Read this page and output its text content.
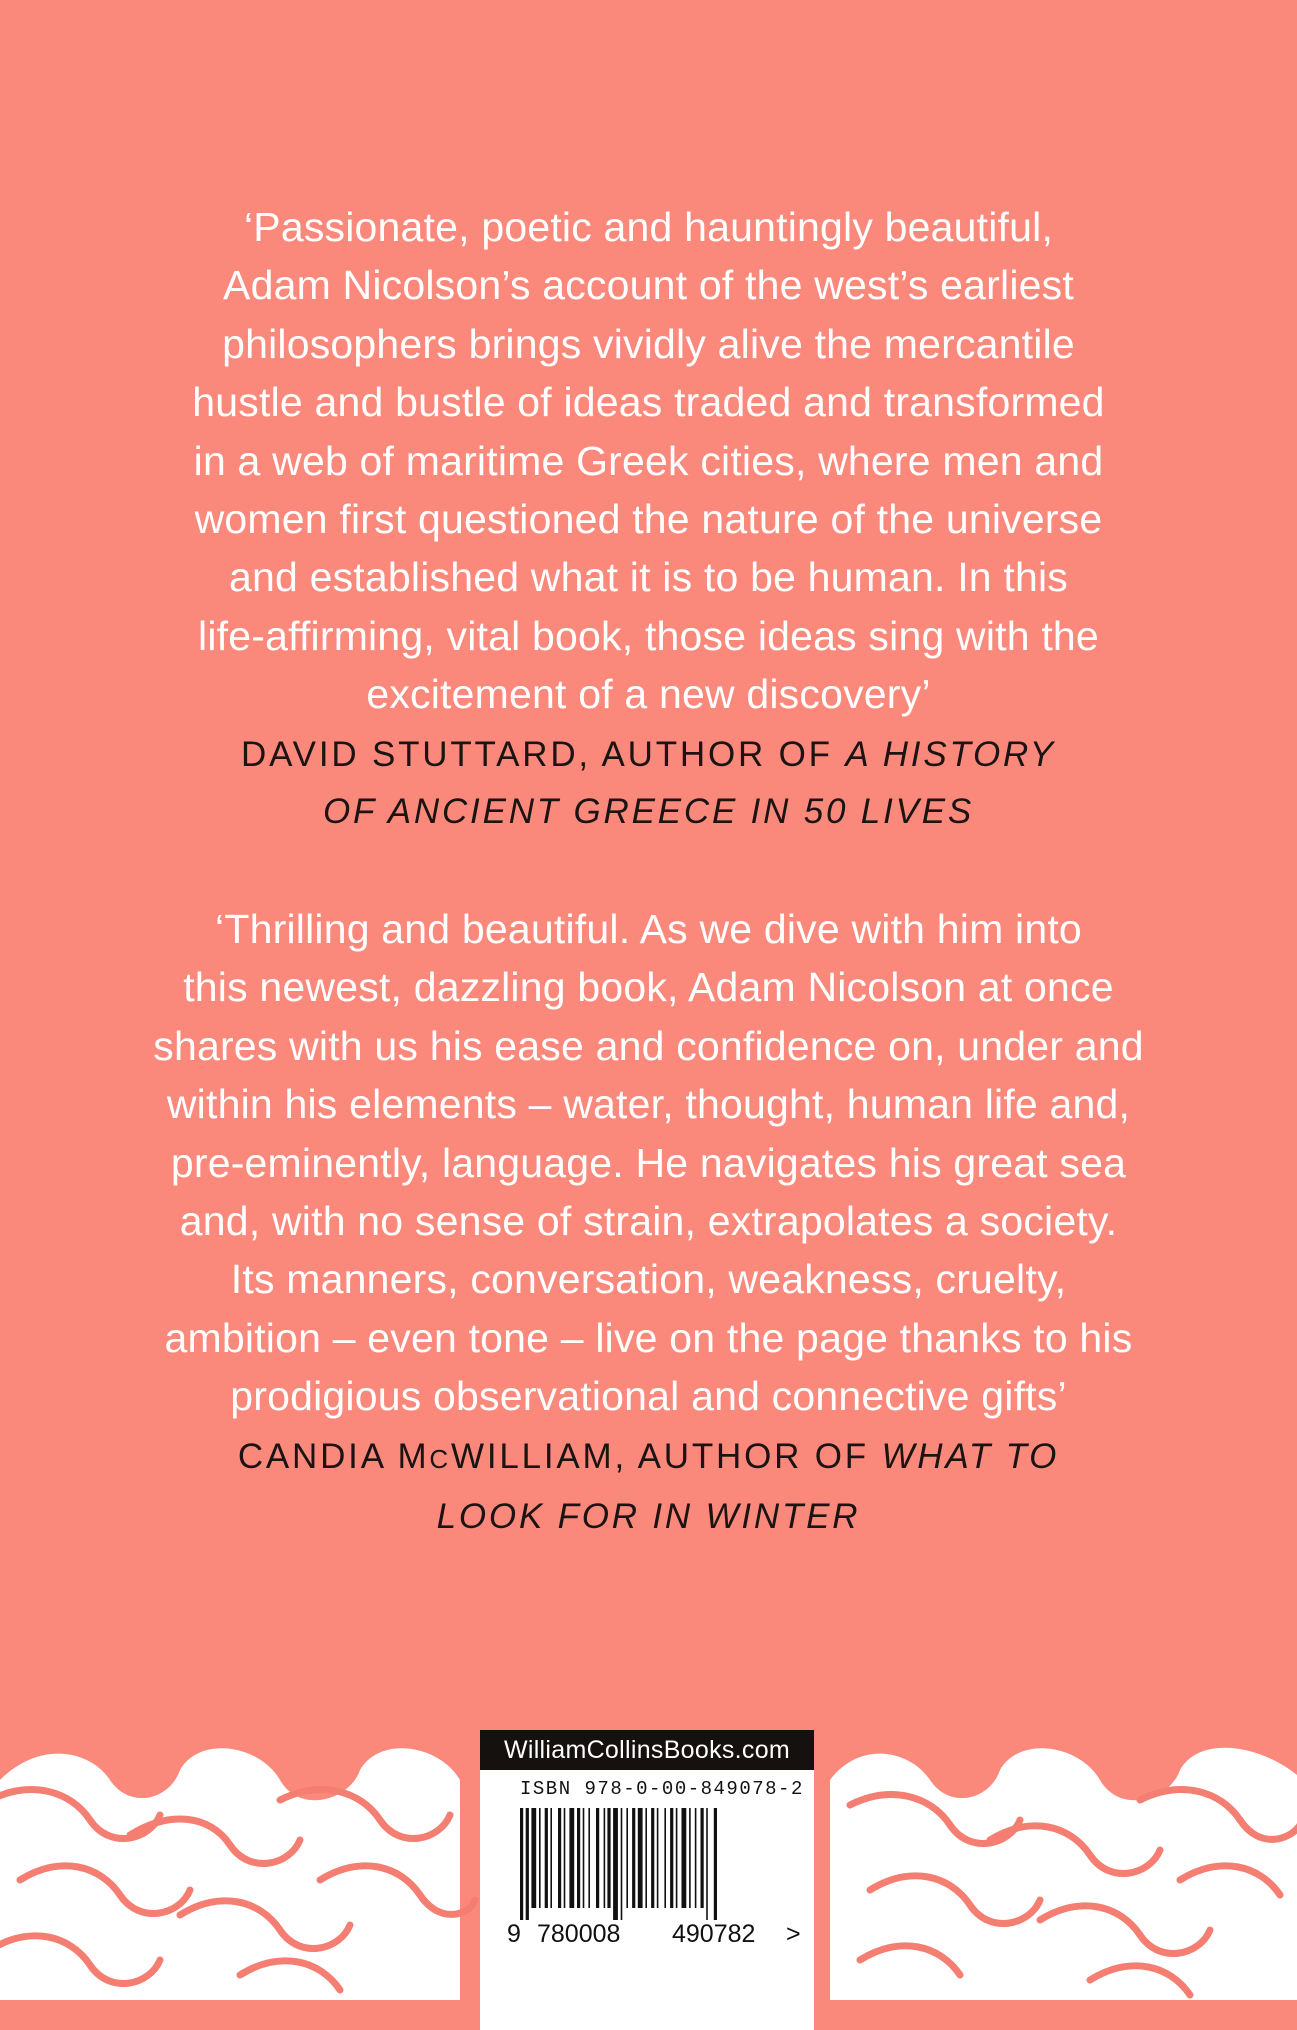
‘Passionate, poetic and hauntingly beautiful,
Adam Nicolson’s account of the west’s earliest
philosophers brings vividly alive the mercantile
hustle and bustle of ideas traded and transformed
in a web of maritime Greek cities, where men and
women first questioned the nature of the universe
and established what it is to be human. In this
life-affirming, vital book, those ideas sing with the
excitement of a new discovery’
DAVID STUTTARD, AUTHOR OF A HISTORY
OF ANCIENT GREECE IN 50 LIVES
‘Thrilling and beautiful. As we dive with him into
this newest, dazzling book, Adam Nicolson at once
shares with us his ease and confidence on, under and
within his elements – water, thought, human life and,
pre-eminently, language. He navigates his great sea
and, with no sense of strain, extrapolates a society.
Its manners, conversation, weakness, cruelty,
ambition – even tone – live on the page thanks to his
prodigious observational and connective gifts’
CANDIA MCWILLIAM, AUTHOR OF WHAT TO
LOOK FOR IN WINTER
WilliamCollinsBooks.com
ISBN 978-0-00-849078-2
9 780008 490782 >
